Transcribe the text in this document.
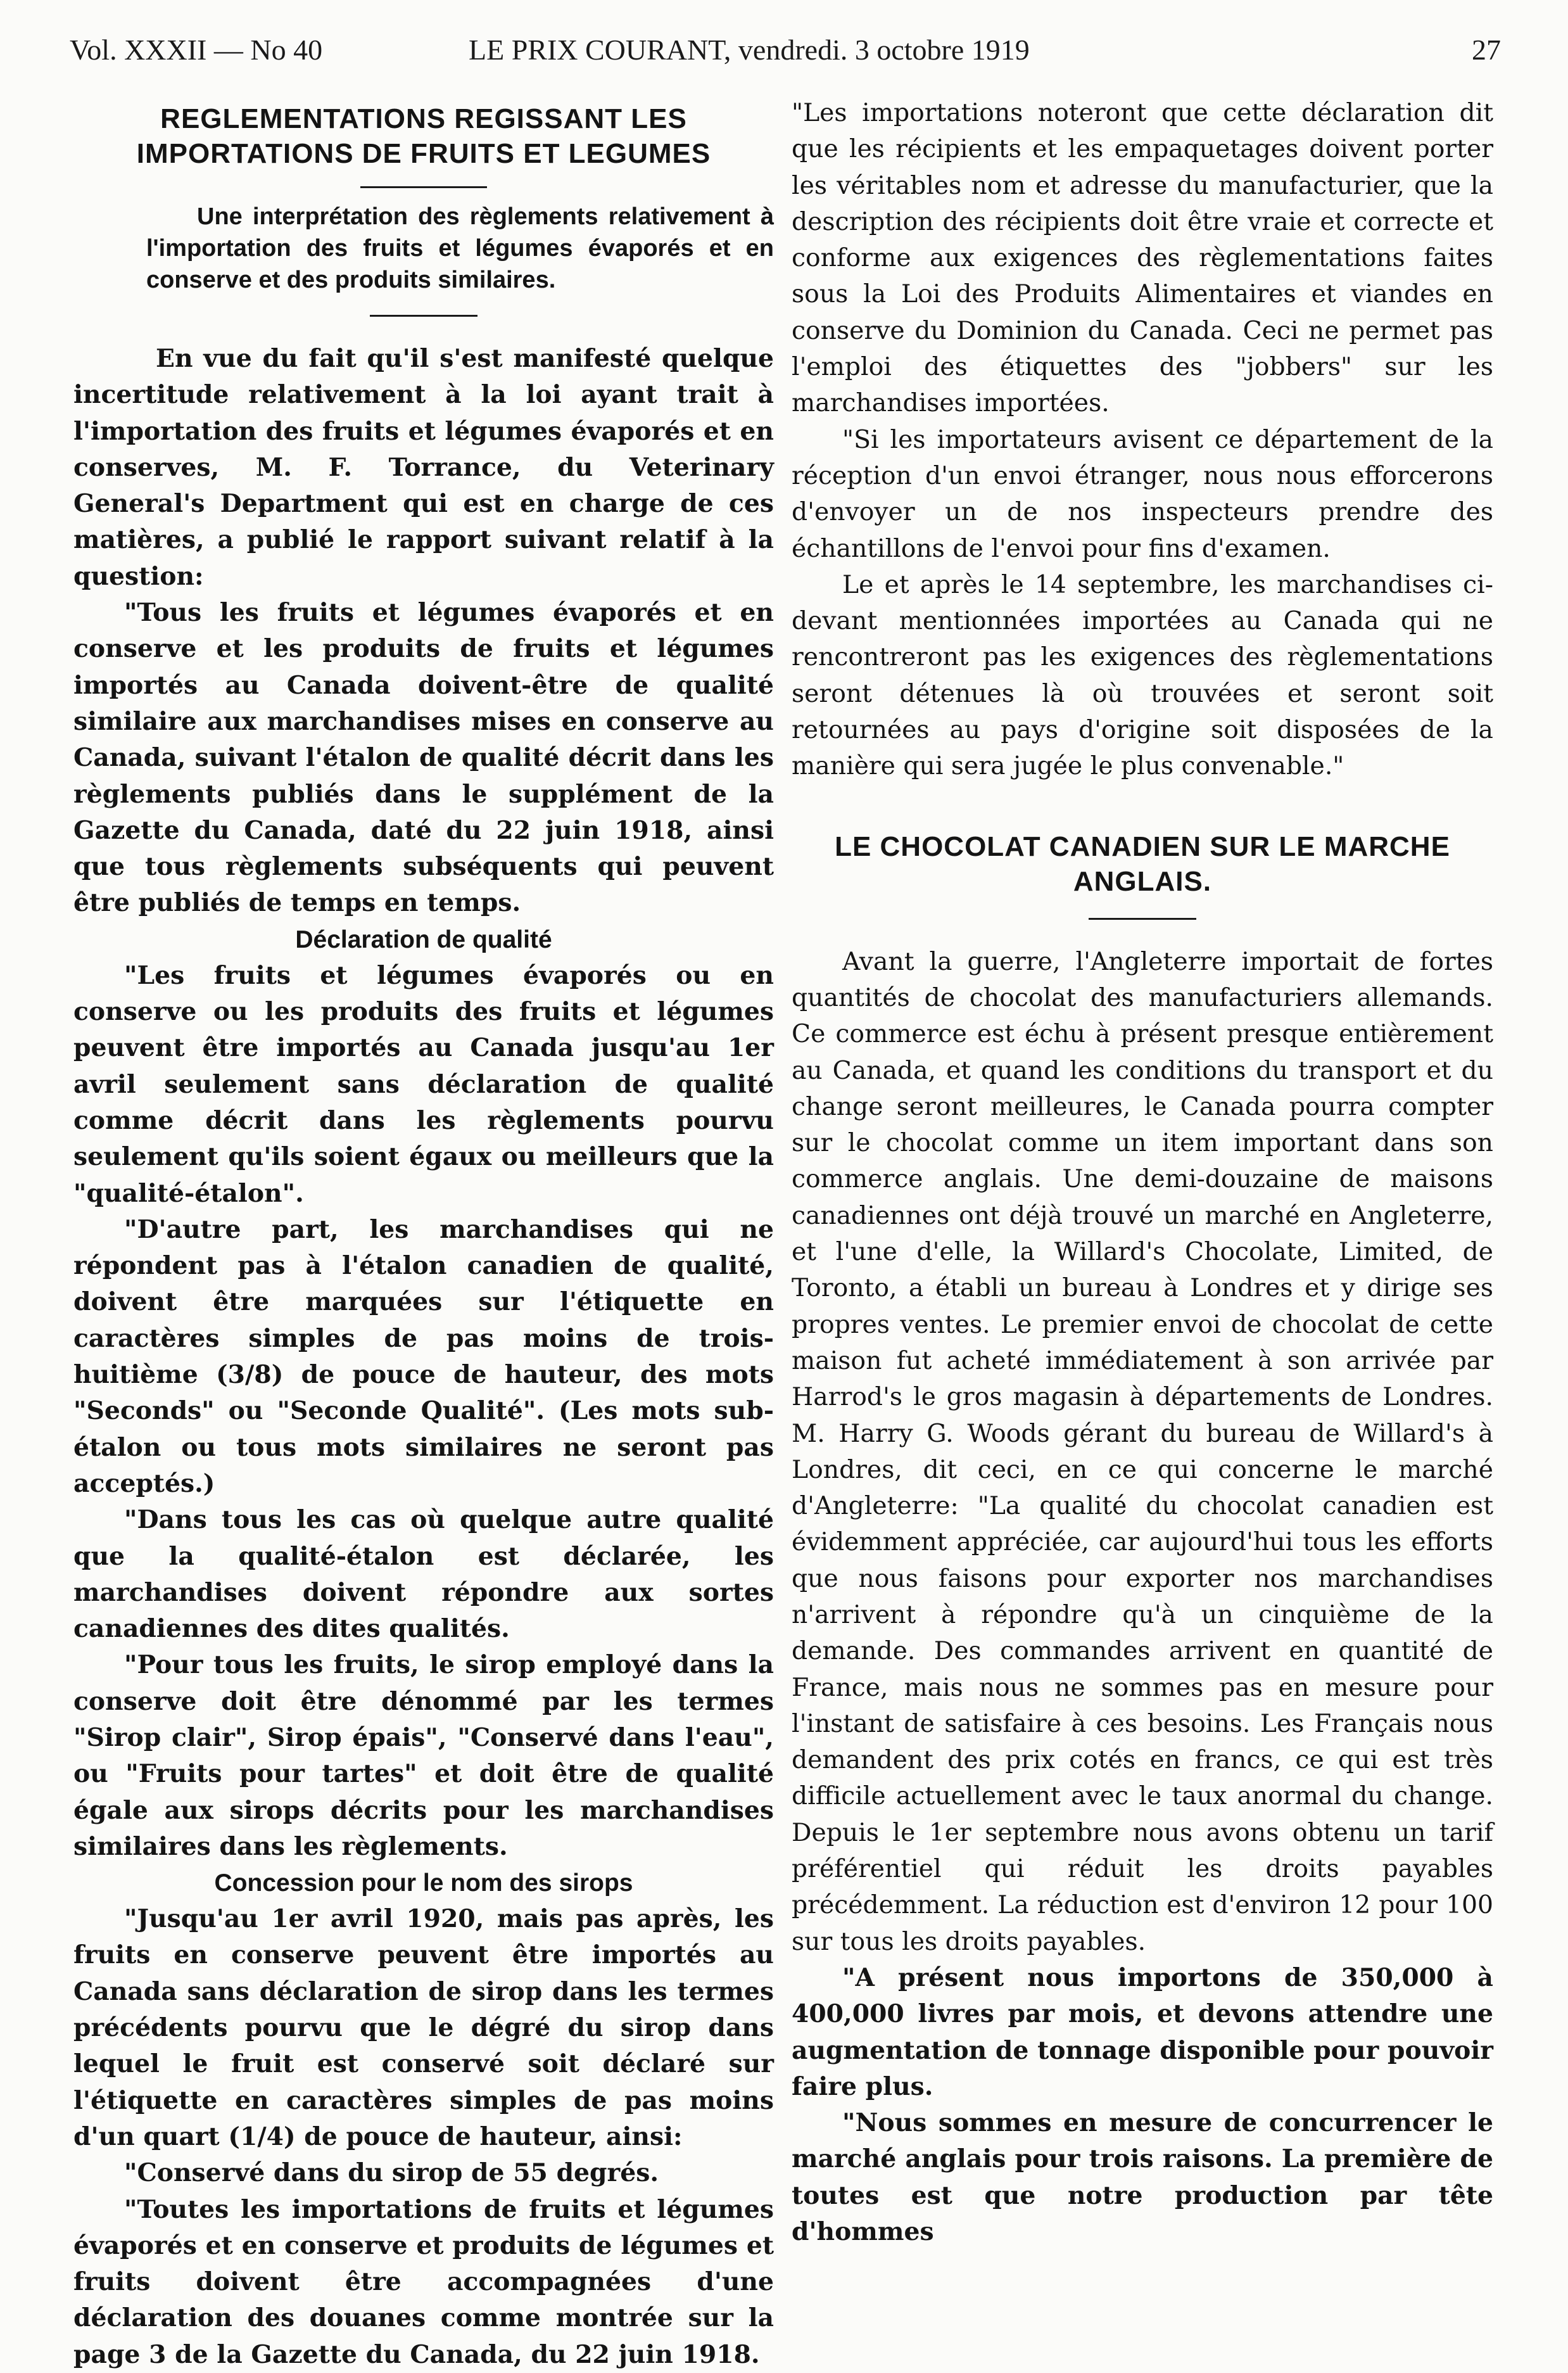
Vol. XXXII — No 40	LE PRIX COURANT, vendredi. 3 octobre 1919	27
REGLEMENTATIONS REGISSANT LES IMPORTATIONS DE FRUITS ET LEGUMES

Une interprétation des règlements relativement à l'importation des fruits et légumes évaporés et en conserve et des produits similaires.

En vue du fait qu'il s'est manifesté quelque incertitude relativement à la loi ayant trait à l'importation des fruits et légumes évaporés et en conserves, M. F. Torrance, du Veterinary General's Department qui est en charge de ces matières, a publié le rapport suivant relatif à la question:

"Tous les fruits et légumes évaporés et en conserve et les produits de fruits et légumes importés au Canada doivent-être de qualité similaire aux marchandises mises en conserve au Canada, suivant l'étalon de qualité décrit dans les règlements publiés dans le supplément de la Gazette du Canada, daté du 22 juin 1918, ainsi que tous règlements subséquents qui peuvent être publiés de temps en temps.

Déclaration de qualité

"Les fruits et légumes évaporés ou en conserve ou les produits des fruits et légumes peuvent être importés au Canada jusqu'au 1er avril seulement sans déclaration de qualité comme décrit dans les règlements pourvu seulement qu'ils soient égaux ou meilleurs que la "qualité-étalon".

"D'autre part, les marchandises qui ne répondent pas à l'étalon canadien de qualité, doivent être marquées sur l'étiquette en caractères simples de pas moins de trois-huitième (3/8) de pouce de hauteur, des mots "Seconds" ou "Seconde Qualité". (Les mots sub-étalon ou tous mots similaires ne seront pas acceptés.)

"Dans tous les cas où quelque autre qualité que la qualité-étalon est déclarée, les marchandises doivent répondre aux sortes canadiennes des dites qualités.

"Pour tous les fruits, le sirop employé dans la conserve doit être dénommé par les termes "Sirop clair", Sirop épais", "Conservé dans l'eau", ou "Fruits pour tartes" et doit être de qualité égale aux sirops décrits pour les marchandises similaires dans les règlements.

Concession pour le nom des sirops

"Jusqu'au 1er avril 1920, mais pas après, les fruits en conserve peuvent être importés au Canada sans déclaration de sirop dans les termes précédents pourvu que le dégré du sirop dans lequel le fruit est conservé soit déclaré sur l'étiquette en caractères simples de pas moins d'un quart (1/4) de pouce de hauteur, ainsi:

"Conservé dans du sirop de 55 degrés.

"Toutes les importations de fruits et légumes évaporés et en conserve et produits de légumes et fruits doivent être accompagnées d'une déclaration des douanes comme montrée sur la page 3 de la Gazette du Canada, du 22 juin 1918.

"Les importations noteront que cette déclaration dit que les récipients et les empaquetages doivent porter les véritables nom et adresse du manufacturier, que la description des récipients doit être vraie et correcte et conforme aux exigences des règlementations faites sous la Loi des Produits Alimentaires et viandes en conserve du Dominion du Canada. Ceci ne permet pas l'emploi des étiquettes des "jobbers" sur les marchandises importées.

"Si les importateurs avisent ce département de la réception d'un envoi étranger, nous nous efforcerons d'envoyer un de nos inspecteurs prendre des échantillons de l'envoi pour fins d'examen.

Le et après le 14 septembre, les marchandises ci-devant mentionnées importées au Canada qui ne rencontreront pas les exigences des règlementations seront détenues là où trouvées et seront soit retournées au pays d'origine soit disposées de la manière qui sera jugée le plus convenable."

LE CHOCOLAT CANADIEN SUR LE MARCHE ANGLAIS.

Avant la guerre, l'Angleterre importait de fortes quantités de chocolat des manufacturiers allemands. Ce commerce est échu à présent presque entièrement au Canada, et quand les conditions du transport et du change seront meilleures, le Canada pourra compter sur le chocolat comme un item important dans son commerce anglais. Une demi-douzaine de maisons canadiennes ont déjà trouvé un marché en Angleterre, et l'une d'elle, la Willard's Chocolate, Limited, de Toronto, a établi un bureau à Londres et y dirige ses propres ventes. Le premier envoi de chocolat de cette maison fut acheté immédiatement à son arrivée par Harrod's le gros magasin à départements de Londres. M. Harry G. Woods gérant du bureau de Willard's à Londres, dit ceci, en ce qui concerne le marché d'Angleterre: "La qualité du chocolat canadien est évidemment appréciée, car aujourd'hui tous les efforts que nous faisons pour exporter nos marchandises n'arrivent à répondre qu'à un cinquième de la demande. Des commandes arrivent en quantité de France, mais nous ne sommes pas en mesure pour l'instant de satisfaire à ces besoins. Les Français nous demandent des prix cotés en francs, ce qui est très difficile actuellement avec le taux anormal du change. Depuis le 1er septembre nous avons obtenu un tarif préférentiel qui réduit les droits payables précédemment. La réduction est d'environ 12 pour 100 sur tous les droits payables.

"A présent nous importons de 350,000 à 400,000 livres par mois, et devons attendre une augmentation de tonnage disponible pour pouvoir faire plus.

"Nous sommes en mesure de concurrencer le marché anglais pour trois raisons. La première de toutes est que notre production par tête d'hommes
